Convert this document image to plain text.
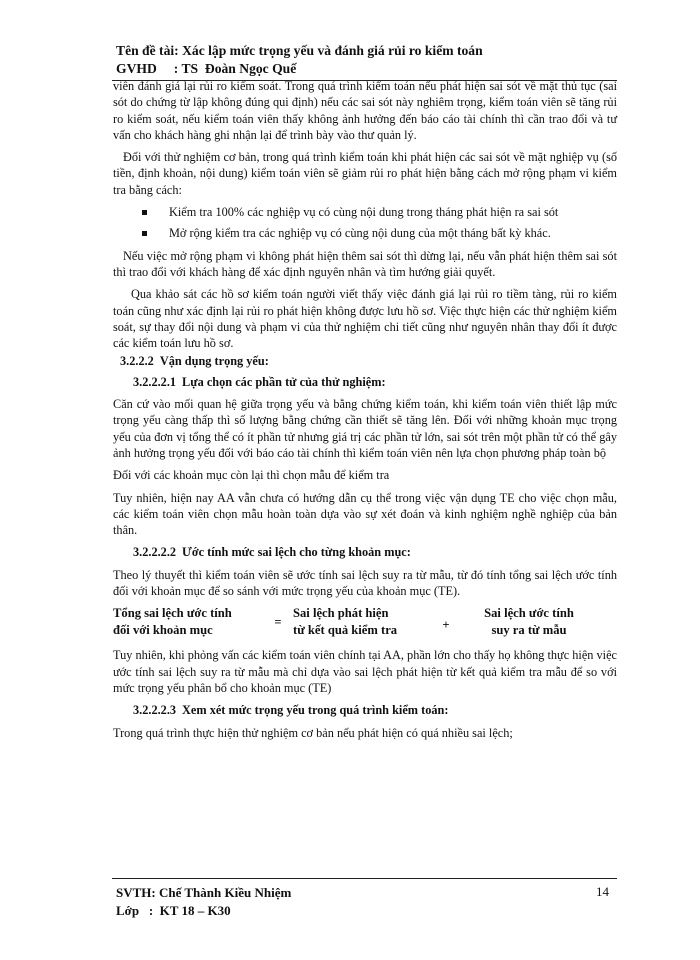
Tên đề tài: Xác lập mức trọng yếu và đánh giá rủi ro kiểm toán
GVHD     : TS  Đoàn Ngọc Quế

viên đánh giá lại rủi ro kiểm soát. Trong quá trình kiểm toán nếu phát hiện sai sót về mặt thủ tục (sai sót do chứng từ lập không đúng qui định) nếu các sai sót này nghiêm trọng, kiểm toán viên sẽ tăng rủi ro kiểm soát, nếu kiểm toán viên thấy không ảnh hưởng đến báo cáo tài chính thì cần trao đổi và tư vấn cho khách hàng ghi nhận lại để trình bày vào thư quản lý.

Đối với thử nghiệm cơ bản, trong quá trình kiểm toán khi phát hiện các sai sót về mặt nghiệp vụ (số tiền, định khoản, nội dung) kiểm toán viên sẽ giảm rủi ro phát hiện bằng cách mở rộng phạm vi kiểm tra bằng cách:

Kiểm tra 100% các nghiệp vụ có cùng nội dung trong tháng phát hiện ra sai sót
Mở rộng kiểm tra các nghiệp vụ có cùng nội dung của một tháng bất kỳ khác.

Nếu việc mở rộng phạm vi không phát hiện thêm sai sót thì dừng lại, nếu vẫn phát hiện thêm sai sót thì trao đổi với khách hàng để xác định nguyên nhân và tìm hướng giải quyết.

Qua khảo sát các hồ sơ kiểm toán người viết thấy việc đánh giá lại rủi ro tiềm tàng, rủi ro kiểm toán cũng như xác định lại rủi ro phát hiện không được lưu hồ sơ. Việc thực hiện các thử nghiệm kiểm soát, sự thay đổi nội dung và phạm vi của thử nghiệm chi tiết cũng như nguyên nhân thay đổi ít được các kiểm toán lưu hồ sơ.

3.2.2.2 Vận dụng trọng yếu:
3.2.2.2.1 Lựa chọn các phần tử của thử nghiệm:

Căn cứ vào mối quan hệ giữa trọng yếu và bằng chứng kiểm toán, khi kiểm toán viên thiết lập mức trọng yếu càng thấp thì số lượng bằng chứng cần thiết sẽ tăng lên. Đối với những khoản mục trọng yếu của đơn vị tổng thể có ít phần tử nhưng giá trị các phần tử lớn, sai sót trên một phần tử có thể gây ảnh hưởng trọng yếu đối với báo cáo tài chính thì kiểm toán viên nên lựa chọn phương pháp toàn bộ

Đối với các khoản mục còn lại thì chọn mẫu để kiểm tra

Tuy nhiên, hiện nay AA vẫn chưa có hướng dẫn cụ thể trong việc vận dụng TE cho việc chọn mẫu, các kiểm toán viên chọn mẫu hoàn toàn dựa vào sự xét đoán và kinh nghiệm nghề nghiệp của bản thân.

3.2.2.2.2 Ước tính mức sai lệch cho từng khoản mục:

Theo lý thuyết thì kiểm toán viên sẽ ước tính sai lệch suy ra từ mẫu, từ đó tính tổng sai lệch ước tính đối với khoản mục để so sánh với mức trọng yếu của khoản mục (TE).

Tổng sai lệch ước tính
đối với khoản mục
=
Sai lệch phát hiện
từ kết quả kiểm tra	+
Sai lệch ước tính
suy ra từ mẫu

Tuy nhiên, khi phỏng vấn các kiểm toán viên chính tại AA, phần lớn cho thấy họ không thực hiện việc ước tính sai lệch suy ra từ mẫu mà chỉ dựa vào sai lệch phát hiện từ kết quả kiểm tra mẫu để so với mức trọng yếu phân bổ cho khoản mục (TE)

3.2.2.2.3 Xem xét mức trọng yếu trong quá trình kiểm toán:

Trong quá trình thực hiện thử nghiệm cơ bản nếu phát hiện có quá nhiều sai lệch;

SVTH: Chế Thành Kiều Nhiệm
Lớp   :  KT 18 – K30
14
